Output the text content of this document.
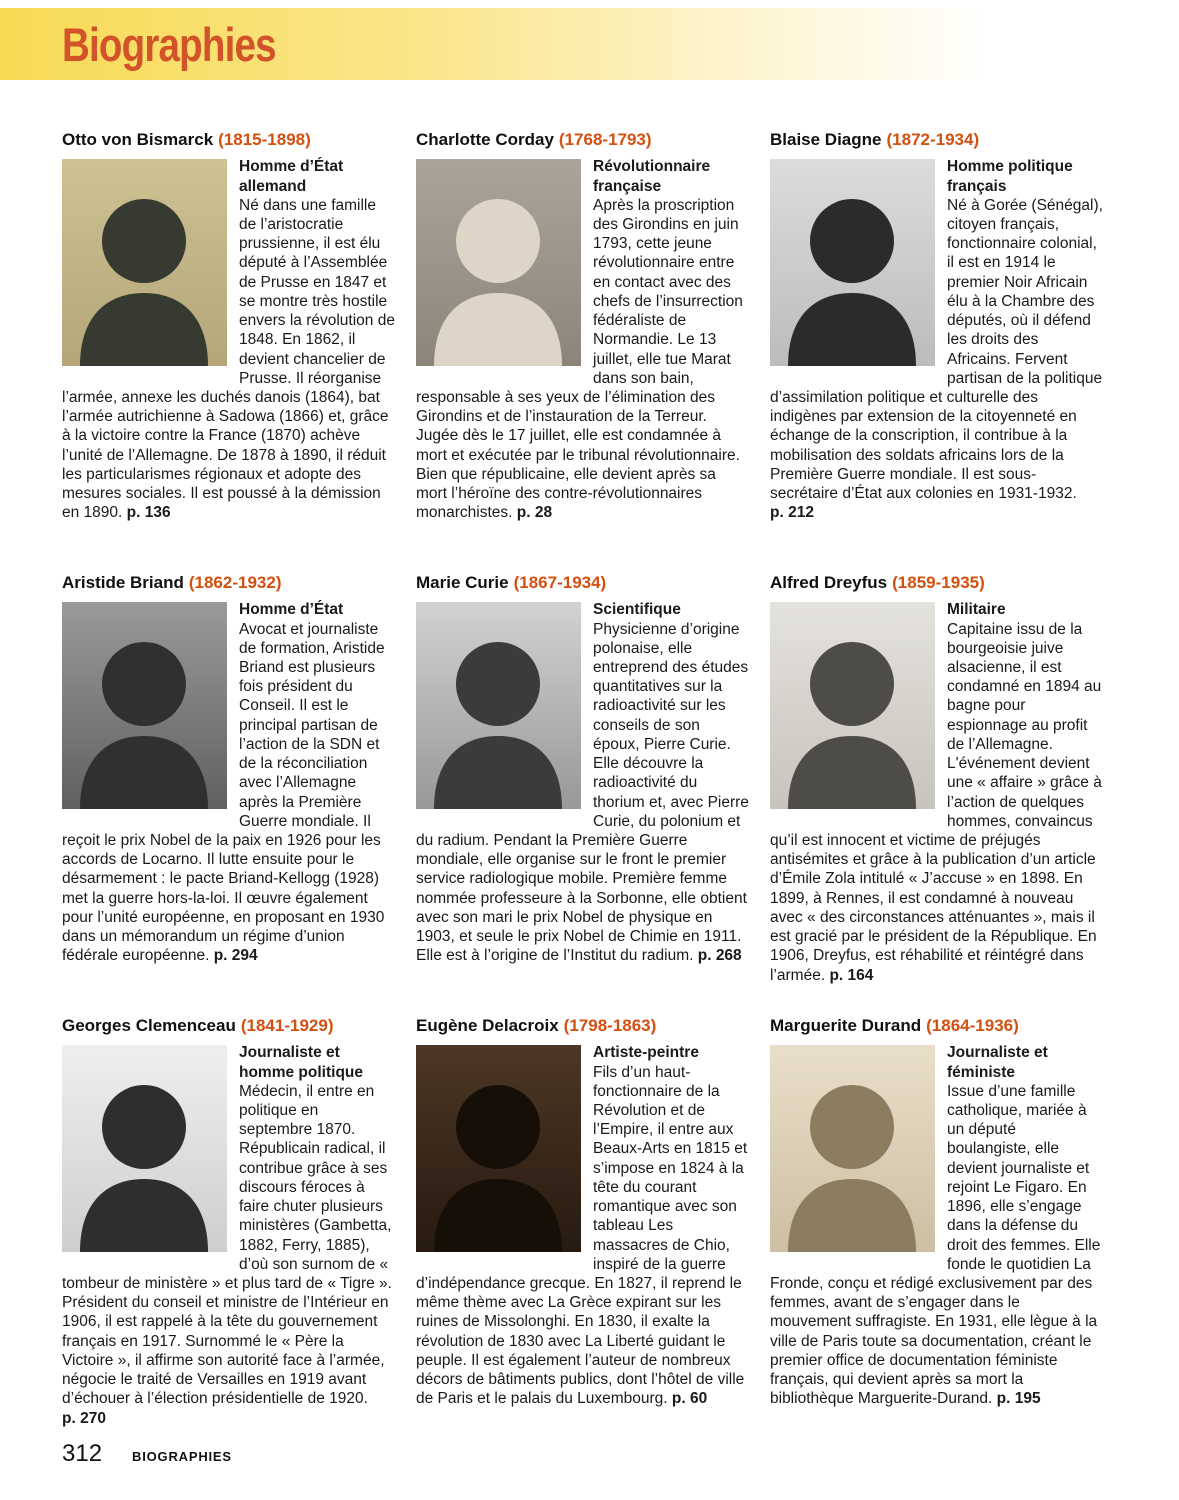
Biographies
Otto von Bismarck (1815-1898)

Homme d’État allemand

Né dans une famille de l’aristocratie prussienne, il est élu député à l’Assemblée de Prusse en 1847 et se montre très hostile envers la révolution de 1848. En 1862, il devient chancelier de Prusse. Il réorganise l’armée, annexe les duchés danois (1864), bat l’armée autrichienne à Sadowa (1866) et, grâce à la victoire contre la France (1870) achève l’unité de l’Allemagne. De 1878 à 1890, il réduit les particularismes régionaux et adopte des mesures sociales. Il est poussé à la démission en 1890. p. 136

Charlotte Corday (1768-1793)

Révolutionnaire française

Après la proscription des Girondins en juin 1793, cette jeune révolutionnaire entre en contact avec des chefs de l’insurrection fédéraliste de Normandie. Le 13 juillet, elle tue Marat dans son bain, responsable à ses yeux de l’élimination des Girondins et de l’instauration de la Terreur. Jugée dès le 17 juillet, elle est condamnée à mort et exécutée par le tribunal révolutionnaire. Bien que républicaine, elle devient après sa mort l’héroïne des contre-révolutionnaires monarchistes. p. 28

Blaise Diagne (1872-1934)

Homme politique français

Né à Gorée (Sénégal), citoyen français, fonctionnaire colonial, il est en 1914 le premier Noir Africain élu à la Chambre des députés, où il défend les droits des Africains. Fervent partisan de la politique d’assimilation politique et culturelle des indigènes par extension de la citoyenneté en échange de la conscription, il contribue à la mobilisation des soldats africains lors de la Première Guerre mondiale. Il est sous-secrétaire d’État aux colonies en 1931-1932. p. 212

Aristide Briand (1862-1932)

Homme d’État

Avocat et journaliste de formation, Aristide Briand est plusieurs fois président du Conseil. Il est le principal partisan de l’action de la SDN et de la réconciliation avec l’Allemagne après la Première Guerre mondiale. Il reçoit le prix Nobel de la paix en 1926 pour les accords de Locarno. Il lutte ensuite pour le désarmement : le pacte Briand-Kellogg (1928) met la guerre hors-la-loi. Il œuvre également pour l’unité européenne, en proposant en 1930 dans un mémorandum un régime d’union fédérale européenne. p. 294

Marie Curie (1867-1934)

Scientifique

Physicienne d’origine polonaise, elle entreprend des études quantitatives sur la radioactivité sur les conseils de son époux, Pierre Curie. Elle découvre la radioactivité du thorium et, avec Pierre Curie, du polonium et du radium. Pendant la Première Guerre mondiale, elle organise sur le front le premier service radiologique mobile. Première femme nommée professeure à la Sorbonne, elle obtient avec son mari le prix Nobel de physique en 1903, et seule le prix Nobel de Chimie en 1911. Elle est à l’origine de l’Institut du radium. p. 268

Alfred Dreyfus (1859-1935)

Militaire

Capitaine issu de la bourgeoisie juive alsacienne, il est condamné en 1894 au bagne pour espionnage au profit de l’Allemagne. L'événement devient une « affaire » grâce à l’action de quelques hommes, convaincus qu’il est innocent et victime de préjugés antisémites et grâce à la publication d’un article d’Émile Zola intitulé « J’accuse » en 1898. En 1899, à Rennes, il est condamné à nouveau avec « des circonstances atténuantes », mais il est gracié par le président de la République. En 1906, Dreyfus, est réhabilité et réintégré dans l’armée. p. 164

Georges Clemenceau (1841-1929)

Journaliste et homme politique

Médecin, il entre en politique en septembre 1870. Républicain radical, il contribue grâce à ses discours féroces à faire chuter plusieurs ministères (Gambetta, 1882, Ferry, 1885), d’où son surnom de « tombeur de ministère » et plus tard de « Tigre ». Président du conseil et ministre de l’Intérieur en 1906, il est rappelé à la tête du gouvernement français en 1917. Surnommé le « Père la Victoire », il affirme son autorité face à l’armée, négocie le traité de Versailles en 1919 avant d’échouer à l’élection présidentielle de 1920. p. 270

Eugène Delacroix (1798-1863)

Artiste-peintre

Fils d’un haut-fonctionnaire de la Révolution et de l’Empire, il entre aux Beaux-Arts en 1815 et s’impose en 1824 à la tête du courant romantique avec son tableau Les massacres de Chio, inspiré de la guerre d’indépendance grecque. En 1827, il reprend le même thème avec La Grèce expirant sur les ruines de Missolonghi. En 1830, il exalte la révolution de 1830 avec La Liberté guidant le peuple. Il est également l’auteur de nombreux décors de bâtiments publics, dont l’hôtel de ville de Paris et le palais du Luxembourg. p. 60

Marguerite Durand (1864-1936)

Journaliste et féministe

Issue d’une famille catholique, mariée à un député boulangiste, elle devient journaliste et rejoint Le Figaro. En 1896, elle s’engage dans la défense du droit des femmes. Elle fonde le quotidien La Fronde, conçu et rédigé exclusivement par des femmes, avant de s’engager dans le mouvement suffragiste. En 1931, elle lègue à la ville de Paris toute sa documentation, créant le premier office de documentation féministe français, qui devient après sa mort la bibliothèque Marguerite-Durand. p. 195

312 BIOGRAPHIES
